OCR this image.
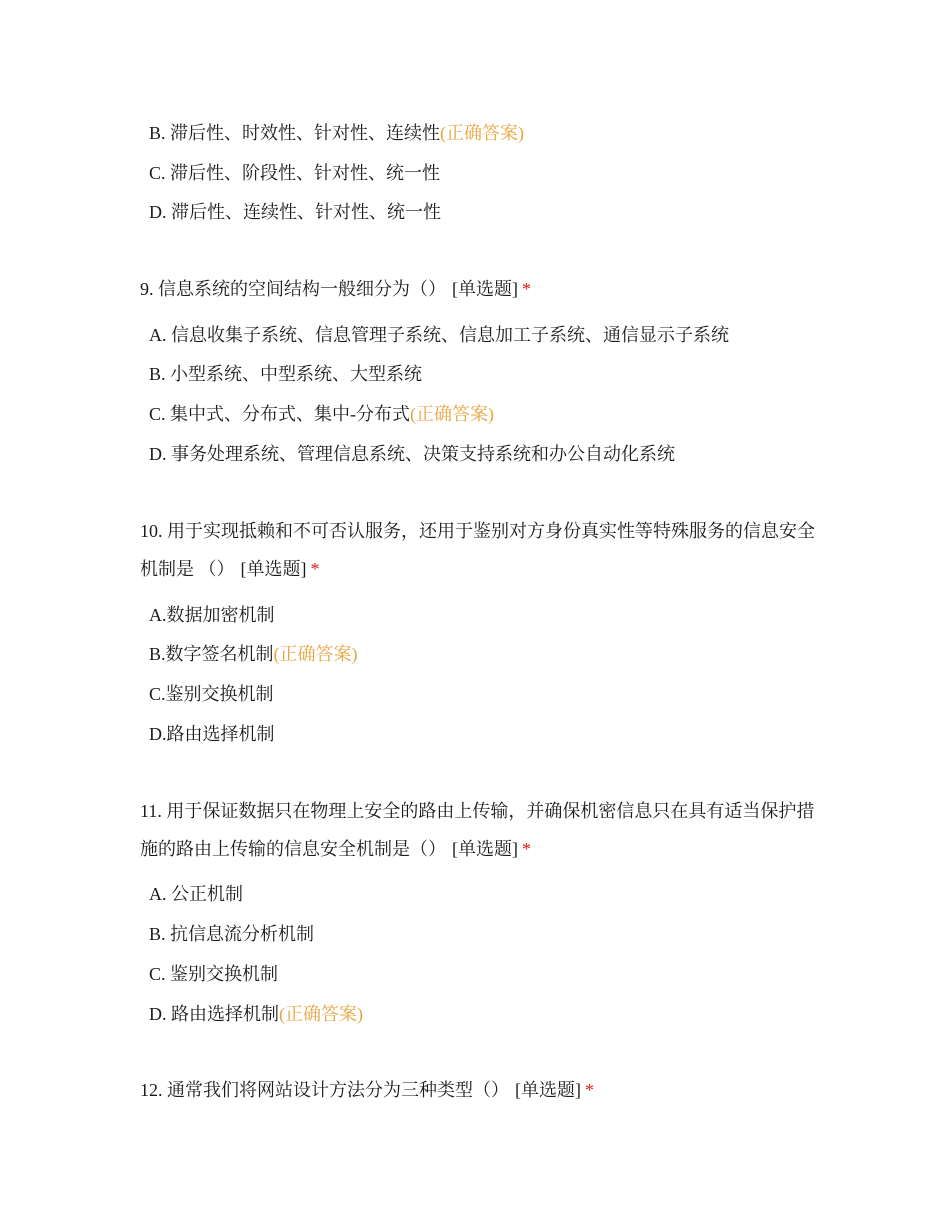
B. 滞后性、时效性、针对性、连续性(正确答案)
C. 滞后性、阶段性、针对性、统一性
D. 滞后性、连续性、针对性、统一性
9. 信息系统的空间结构一般细分为（） [单选题] *
A. 信息收集子系统、信息管理子系统、信息加工子系统、通信显示子系统
B. 小型系统、中型系统、大型系统
C. 集中式、分布式、集中-分布式(正确答案)
D. 事务处理系统、管理信息系统、决策支持系统和办公自动化系统
10. 用于实现抵赖和不可否认服务，还用于鉴别对方身份真实性等特殊服务的信息安全机制是 （） [单选题] *
A.数据加密机制
B.数字签名机制(正确答案)
C.鉴别交换机制
D.路由选择机制
11. 用于保证数据只在物理上安全的路由上传输，并确保机密信息只在具有适当保护措施的路由上传输的信息安全机制是（） [单选题] *
A. 公正机制
B. 抗信息流分析机制
C. 鉴别交换机制
D. 路由选择机制(正确答案)
12. 通常我们将网站设计方法分为三种类型（） [单选题] *
